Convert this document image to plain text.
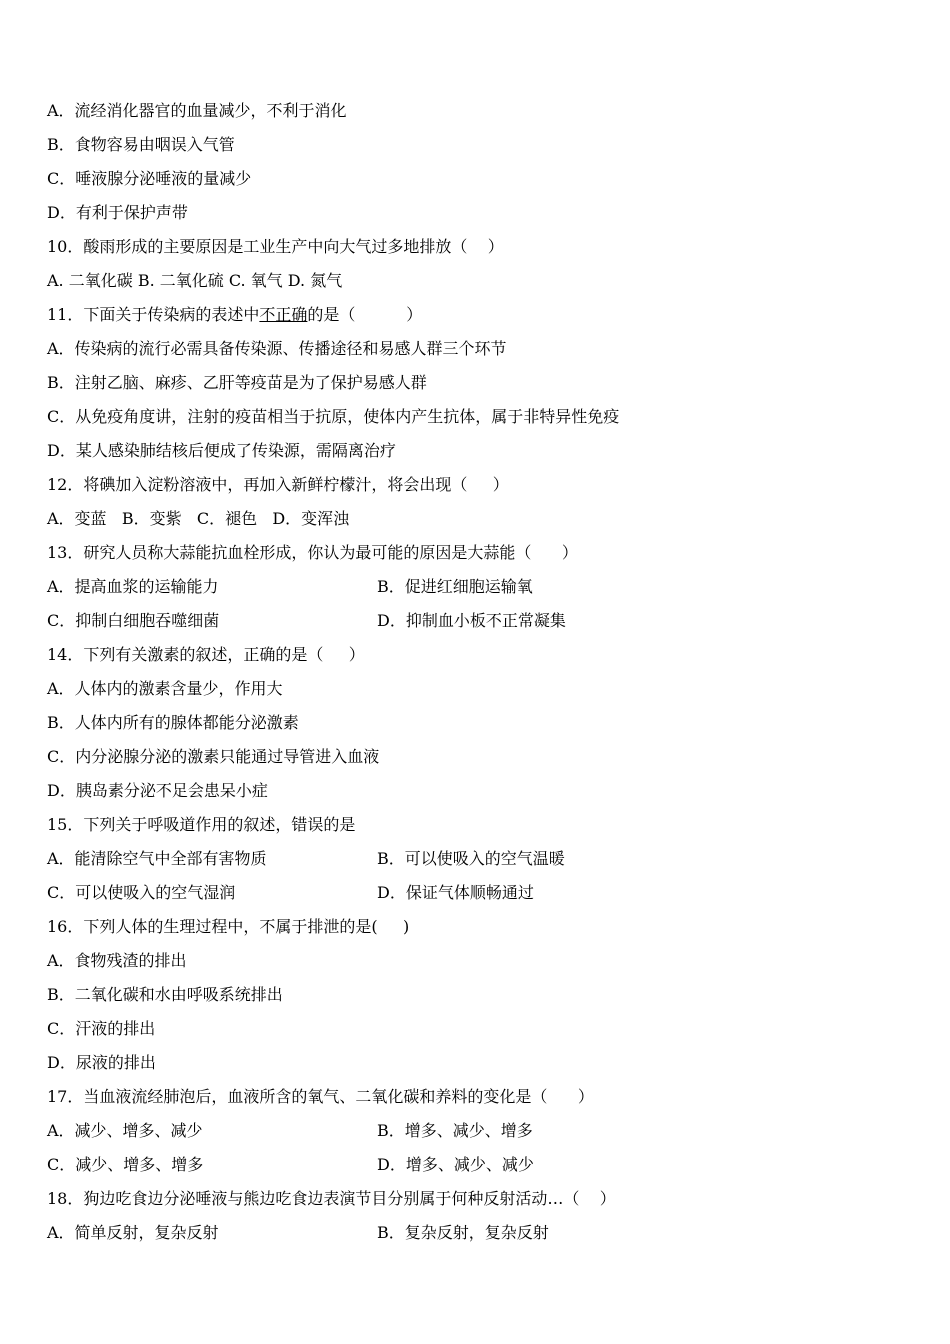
A．流经消化器官的血量减少，不利于消化
B．食物容易由咽误入气管
C．唾液腺分泌唾液的量减少
D．有利于保护声带
10．酸雨形成的主要原因是工业生产中向大气过多地排放（    ）
A. 二氧化碳 B. 二氧化硫 C. 氧气 D. 氮气
11．下面关于传染病的表述中不正确的是（          ）
A．传染病的流行必需具备传染源、传播途径和易感人群三个环节
B．注射乙脑、麻疹、乙肝等疫苗是为了保护易感人群
C．从免疫角度讲，注射的疫苗相当于抗原，使体内产生抗体，属于非特异性免疫
D．某人感染肺结核后便成了传染源，需隔离治疗
12．将碘加入淀粉溶液中，再加入新鲜柠檬汁，将会出现（     ）
A．变蓝   B．变紫   C．褪色   D．变浑浊
13．研究人员称大蒜能抗血栓形成，你认为最可能的原因是大蒜能（      ）
A．提高血浆的运输能力	B．促进红细胞运输氧
C．抑制白细胞吞噬细菌	D．抑制血小板不正常凝集
14．下列有关激素的叙述，正确的是（     ）
A．人体内的激素含量少，作用大
B．人体内所有的腺体都能分泌激素
C．内分泌腺分泌的激素只能通过导管进入血液
D．胰岛素分泌不足会患呆小症
15．下列关于呼吸道作用的叙述，错误的是
A．能清除空气中全部有害物质	B．可以使吸入的空气温暖
C．可以使吸入的空气湿润	D．保证气体顺畅通过
16．下列人体的生理过程中，不属于排泄的是(     )
A．食物残渣的排出
B．二氧化碳和水由呼吸系统排出
C．汗液的排出
D．尿液的排出
17．当血液流经肺泡后，血液所含的氧气、二氧化碳和养料的变化是（      ）
A．减少、增多、减少	B．增多、减少、增多
C．减少、增多、增多	D．增多、减少、减少
18．狗边吃食边分泌唾液与熊边吃食边表演节目分别属于何种反射活动…（    ）
A．简单反射，复杂反射	B．复杂反射，复杂反射
